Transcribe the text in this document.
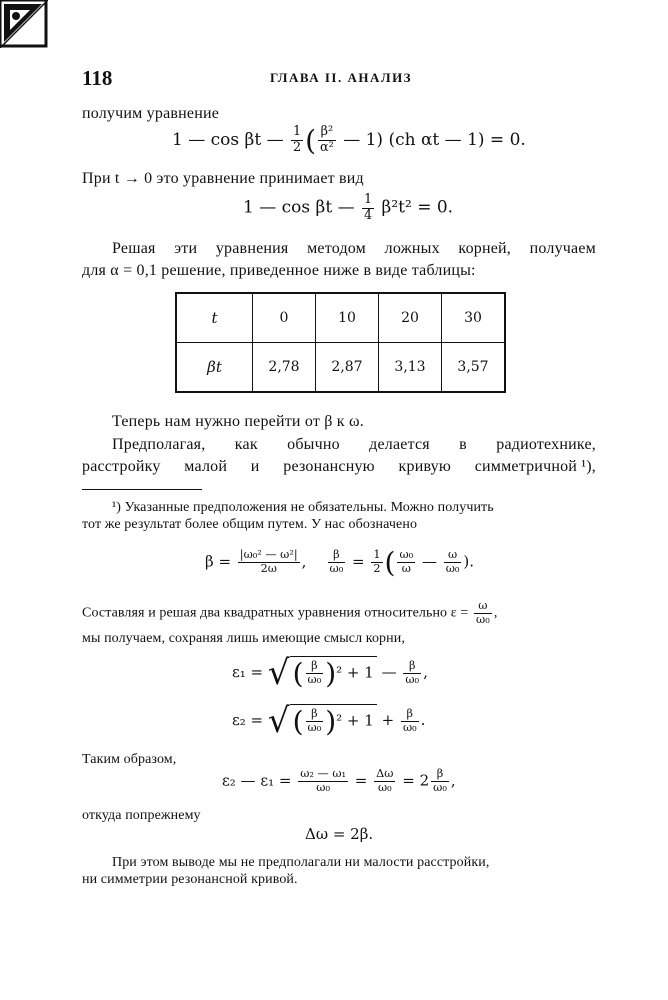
118	ГЛАВА II. АНАЛИЗ
получим уравнение
1 — cos βt — $\frac{1}{2}$ ( $\frac{\text{β²}}{\text{α²}}$ — 1) (ch αt — 1) = 0.
При t → 0 это уравнение принимает вид
1 — cos βt — $\frac{1}{4} \beta^2t^2 = 0$.
Решая эти уравнения методом ложных корней, получаем
для α = 0,1 решение, приведенное ниже в виде таблицы:
t	0	10	20	30
βt	2,78	2,87	3,13	3,57
Теперь нам нужно перейти от β к ω.
Предполагая, как обычно делается в радиотехнике,
расстройку малой и резонансную кривую симметричной ¹),
¹) Указанные предположения не обязательны. Можно получить
тот же результат более общим путем. У нас обозначено
$\beta = \frac{\text{|ω₀² — ω²|}}{2\omega}$ , $\frac{\beta}{\text{ω₀}} = \frac{1}{2}$ ( $\frac{\text{ω₀}}{\omega}$ — $\frac{\omega}{\text{ω₀}}$ ).
Составляя и решая два квадратных уравнения относительно $\varepsilon = \frac{\omega}{\text{ω₀}}$ ,
мы получаем, сохраняя лишь имеющие смысл корни,
ε₁ = √ ( $\frac{\beta}{\text{ω₀}} )^2 + 1$ — $\frac{\beta}{\text{ω₀}}$ ,
ε₂ = √ ( $\frac{\beta}{\text{ω₀}} )^2 + 1 + \frac{\beta}{\text{ω₀}}$ .
Таким образом,
ε₂ — $\varepsilon_1 = \frac{\text{ω₂ — ω₁}}{\text{ω₀}} = \frac{\Delta\omega}{\text{ω₀}} = 2 \frac{\beta}{\text{ω₀}}$ ,
откуда попрежнему
Δω = 2β.
При этом выводе мы не предполагали ни малости расстройки,
ни симметрии резонансной кривой.
